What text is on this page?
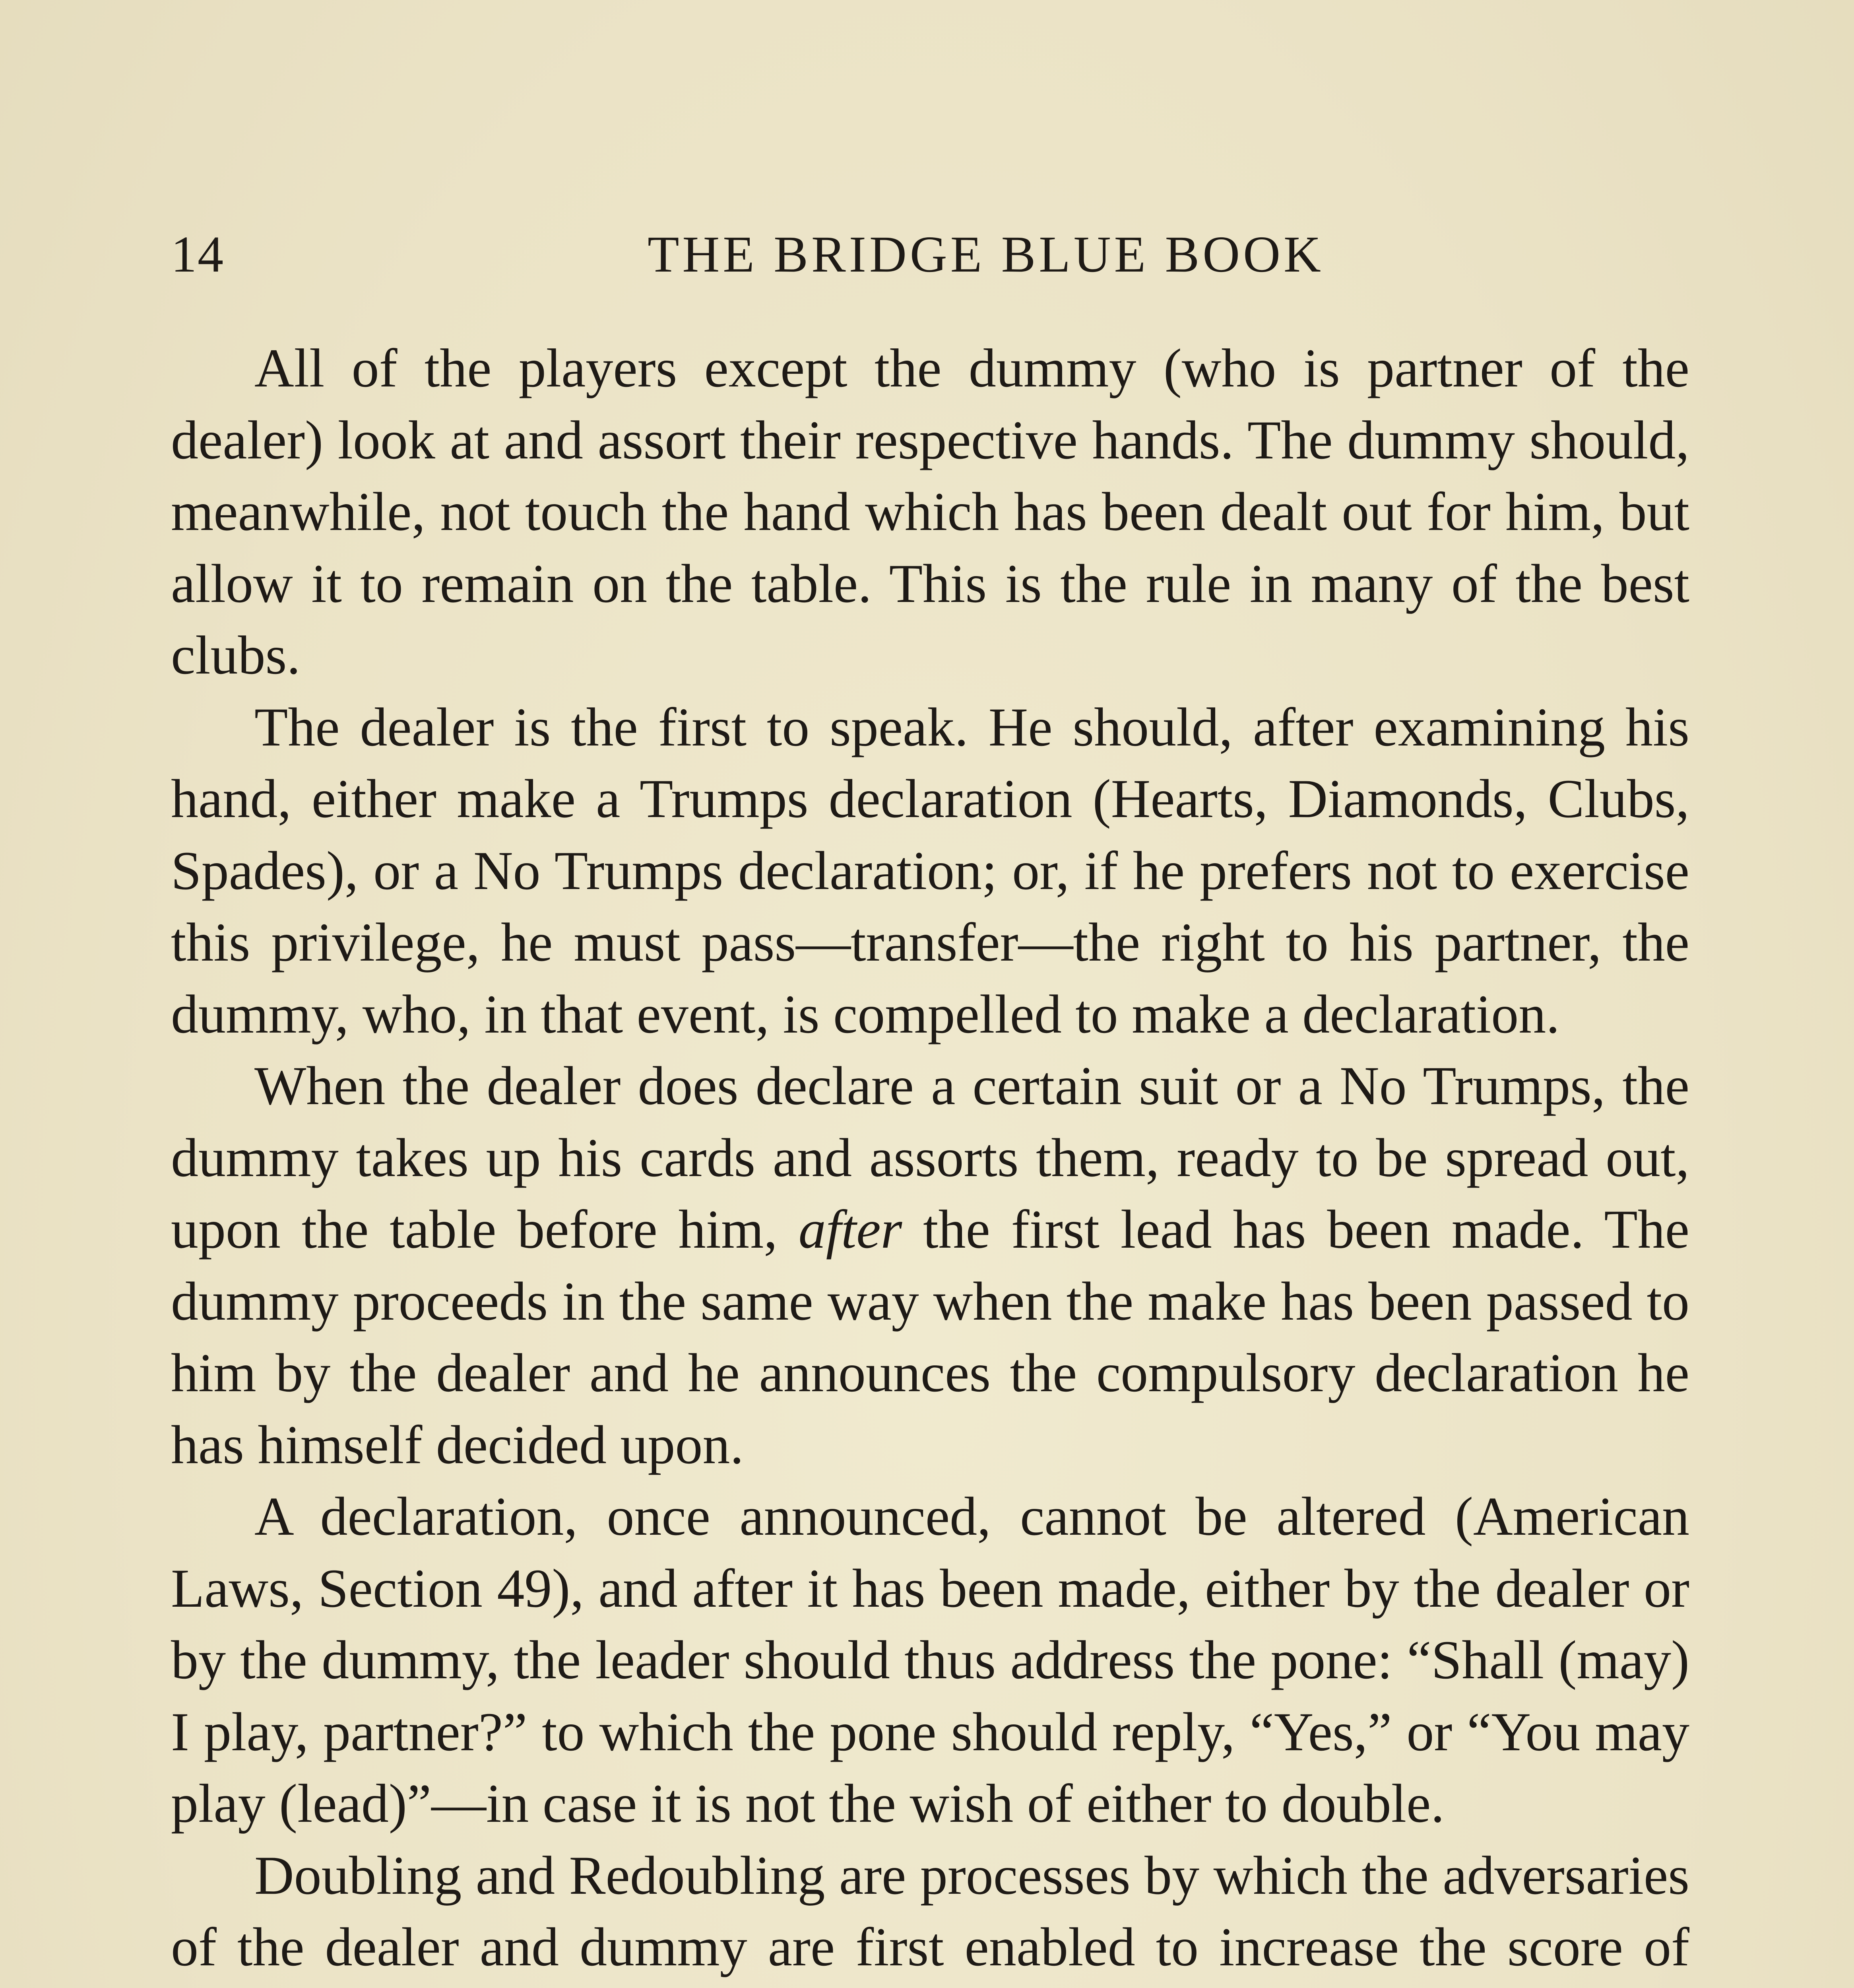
14	THE BRIDGE BLUE BOOK

All of the players except the dummy (who is partner of the dealer) look at and assort their respective hands. The dummy should, meanwhile, not touch the hand which has been dealt out for him, but allow it to remain on the table. This is the rule in many of the best clubs.

The dealer is the first to speak. He should, after examining his hand, either make a Trumps declaration (Hearts, Diamonds, Clubs, Spades), or a No Trumps declaration; or, if he prefers not to exercise this privilege, he must pass—transfer—the right to his partner, the dummy, who, in that event, is compelled to make a declaration.

When the dealer does declare a certain suit or a No Trumps, the dummy takes up his cards and assorts them, ready to be spread out, upon the table before him, after the first lead has been made. The dummy proceeds in the same way when the make has been passed to him by the dealer and he announces the compulsory declaration he has himself decided upon.

A declaration, once announced, cannot be altered (American Laws, Section 49), and after it has been made, either by the dealer or by the dummy, the leader should thus address the pone: “Shall (may) I play, partner?” to which the pone should reply, “Yes,” or “You may play (lead)”—in case it is not the wish of either to double.

Doubling and Redoubling are processes by which the adversaries of the dealer and dummy are first enabled to increase the score of
